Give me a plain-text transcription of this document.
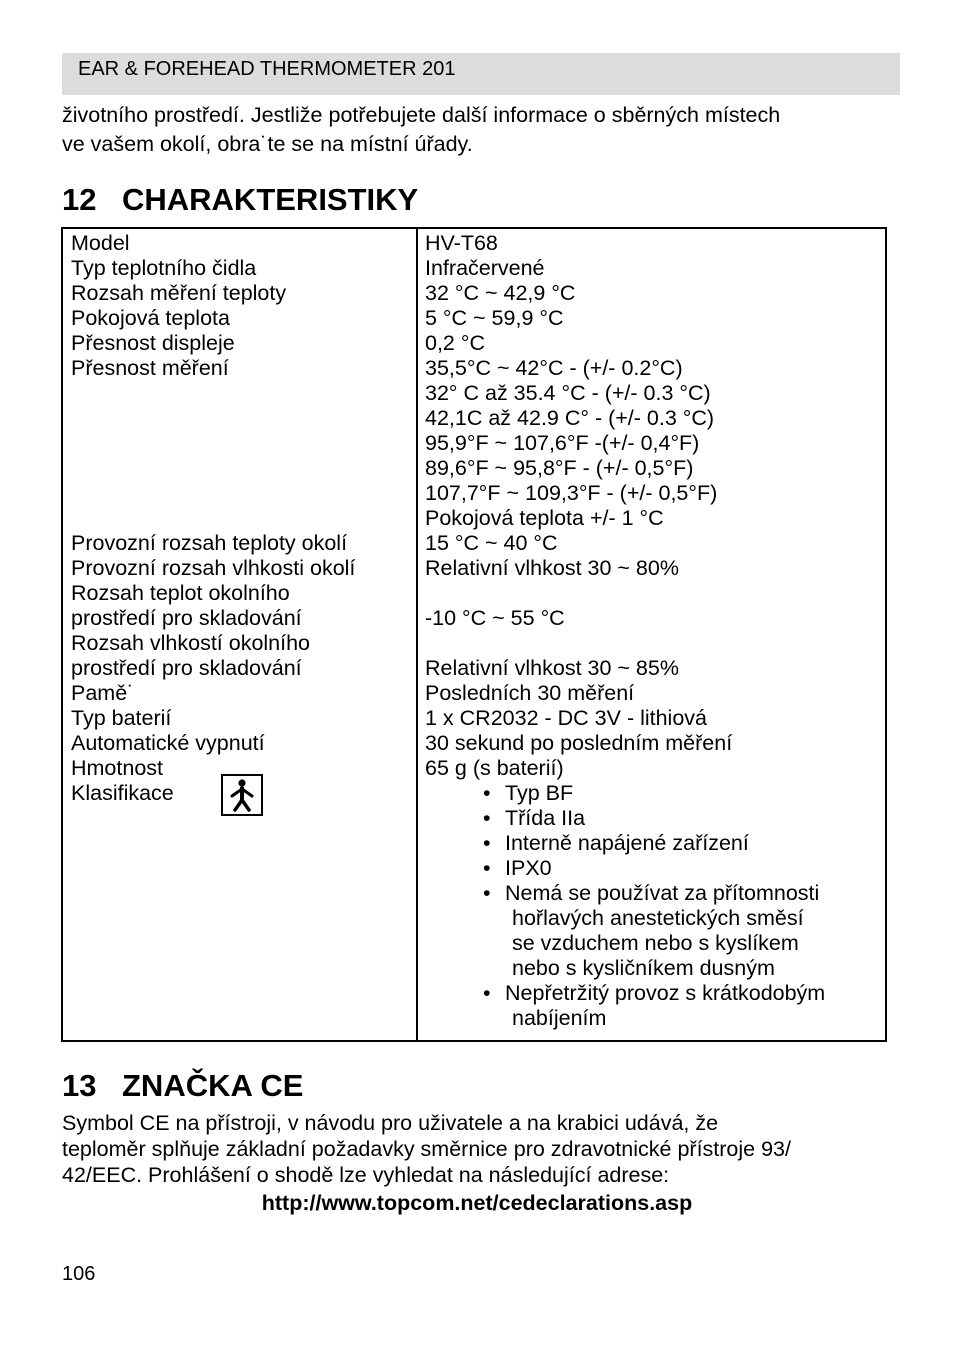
EAR & FOREHEAD THERMOMETER 201
životního prostředí. Jestliže potřebujete další informace o sběrných místech
ve vašem okolí, obra˙te se na místní úřady.
12 CHARAKTERISTIKY
Model
Typ teplotního čidla
Rozsah měření teploty
Pokojová teplota
Přesnost displeje
Přesnost měření
Provozní rozsah teploty okolí
Provozní rozsah vlhkosti okolí
Rozsah teplot okolního
prostředí pro skladování
Rozsah vlhkostí okolního
prostředí pro skladování
Pamě˙
Typ baterií
Automatické vypnutí
Hmotnost
Klasifikace
HV-T68
Infračervené
32 °C ~ 42,9 °C
5 °C ~ 59,9 °C
0,2 °C
35,5°C ~ 42°C - (+/- 0.2°C)
32° C až 35.4 °C - (+/- 0.3 °C)
42,1C až 42.9 C° - (+/- 0.3 °C)
95,9°F ~ 107,6°F -(+/- 0,4°F)
89,6°F ~ 95,8°F - (+/- 0,5°F)
107,7°F ~ 109,3°F - (+/- 0,5°F)
Pokojová teplota +/- 1 °C
15 °C ~ 40 °C
Relativní vlhkost 30 ~ 80%
-10 °C ~ 55 °C
Relativní vlhkost 30 ~ 85%
Posledních 30 měření
1 x CR2032 - DC 3V - lithiová
30 sekund po posledním měření
65 g (s baterií)
• Typ BF
• Třída IIa
• Interně napájené zařízení
• IPX0
• Nemá se používat za přítomnosti
hořlavých anestetických směsí
se vzduchem nebo s kyslíkem
nebo s kysličníkem dusným
• Nepřetržitý provoz s krátkodobým
nabíjením
13 ZNAČKA CE
Symbol CE na přístroji, v návodu pro uživatele a na krabici udává, že
teploměr splňuje základní požadavky směrnice pro zdravotnické přístroje 93/
42/EEC. Prohlášení o shodě lze vyhledat na následující adrese:
http://www.topcom.net/cedeclarations.asp
106
